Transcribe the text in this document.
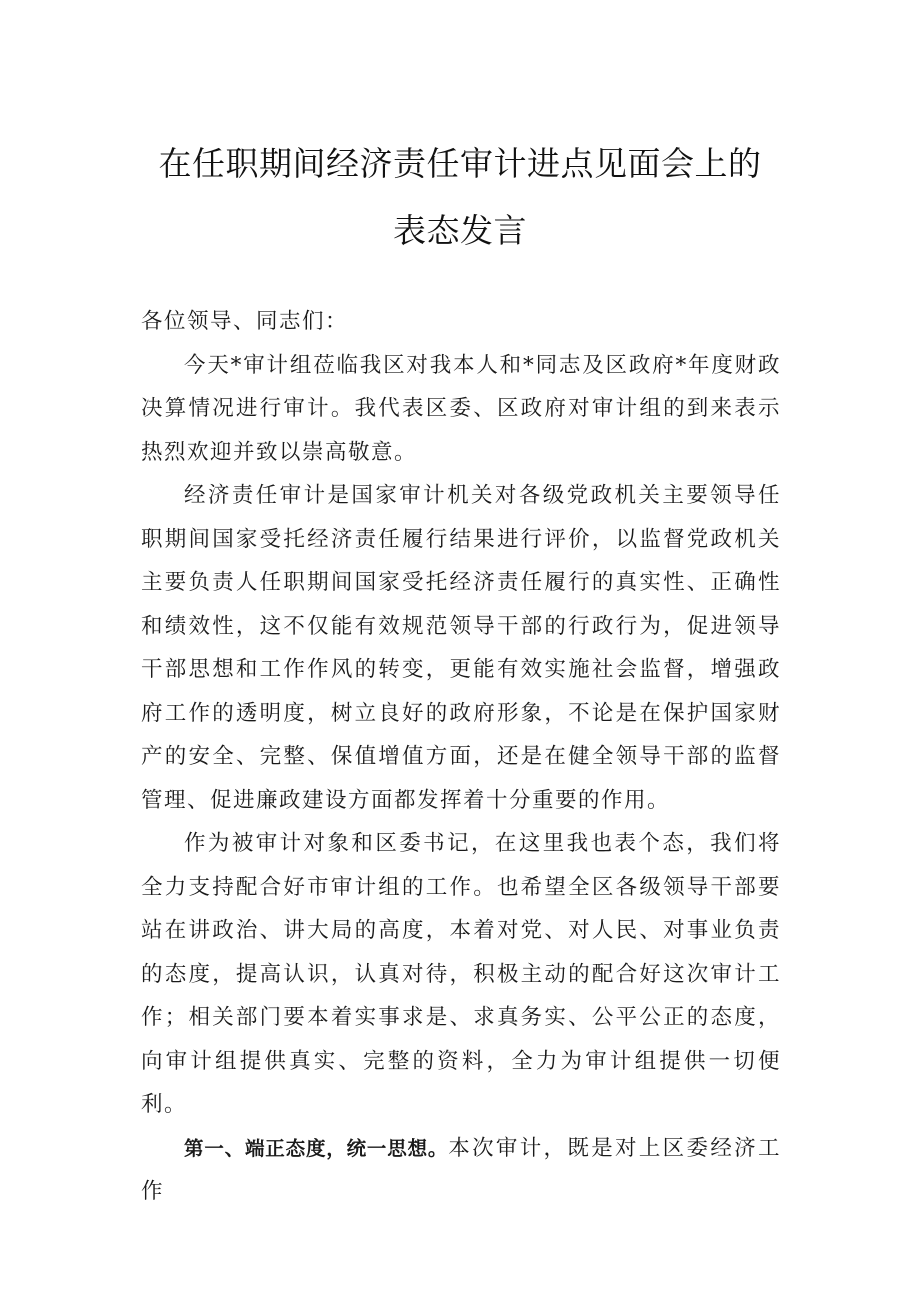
在任职期间经济责任审计进点见面会上的
表态发言

各位领导、同志们：

今天*审计组莅临我区对我本人和*同志及区政府*年度财政决算情况进行审计。我代表区委、区政府对审计组的到来表示热烈欢迎并致以崇高敬意。

经济责任审计是国家审计机关对各级党政机关主要领导任职期间国家受托经济责任履行结果进行评价，以监督党政机关主要负责人任职期间国家受托经济责任履行的真实性、正确性和绩效性，这不仅能有效规范领导干部的行政行为，促进领导干部思想和工作作风的转变，更能有效实施社会监督，增强政府工作的透明度，树立良好的政府形象，不论是在保护国家财产的安全、完整、保值增值方面，还是在健全领导干部的监督管理、促进廉政建设方面都发挥着十分重要的作用。

作为被审计对象和区委书记，在这里我也表个态，我们将全力支持配合好市审计组的工作。也希望全区各级领导干部要站在讲政治、讲大局的高度，本着对党、对人民、对事业负责的态度，提高认识，认真对待，积极主动的配合好这次审计工作；相关部门要本着实事求是、求真务实、公平公正的态度，向审计组提供真实、完整的资料，全力为审计组提供一切便利。

第一、端正态度，统一思想。本次审计，既是对上区委经济工作
